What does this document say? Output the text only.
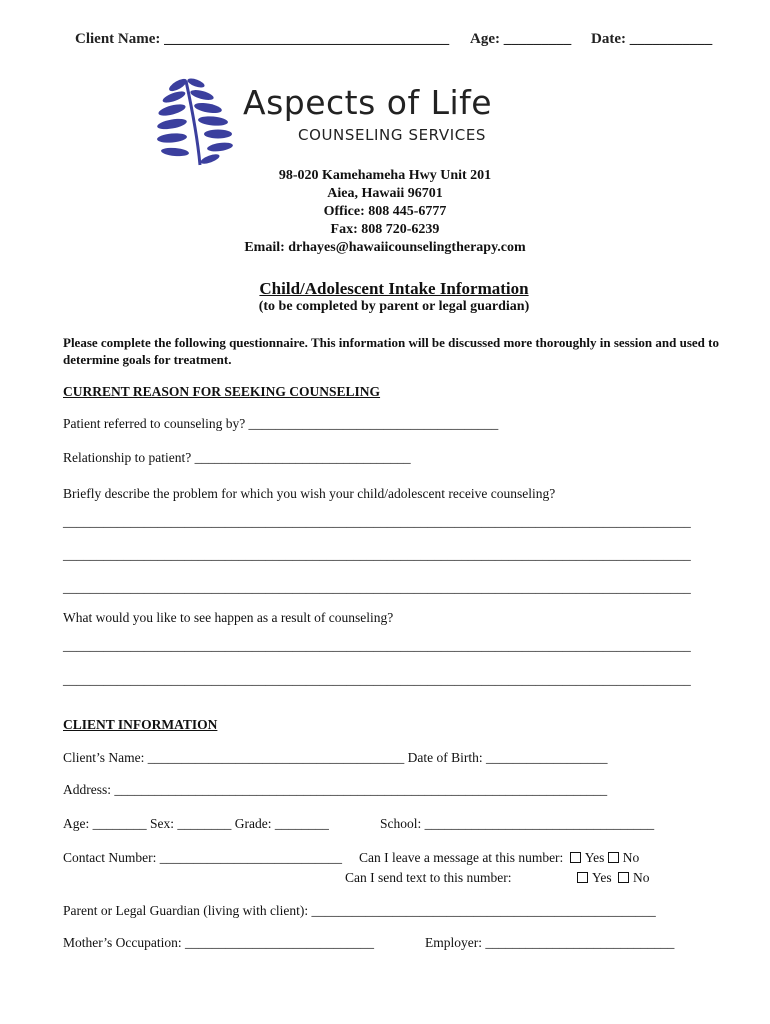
Client Name: ______________________________________ Age: _________ Date: ___________
Aspects of Life
COUNSELING SERVICES
98-020 Kamehameha Hwy Unit 201
Aiea, Hawaii 96701
Office: 808 445-6777
Fax: 808 720-6239
Email: drhayes@hawaiicounselingtherapy.com
Child/Adolescent Intake Information
(to be completed by parent or legal guardian)
Please complete the following questionnaire. This information will be discussed more thoroughly in session and used to determine goals for treatment.
CURRENT REASON FOR SEEKING COUNSELING
Patient referred to counseling by? _____________________________________
Relationship to patient? ________________________________
Briefly describe the problem for which you wish your child/adolescent receive counseling?
_____________________________________________________________________________________________
_____________________________________________________________________________________________
_____________________________________________________________________________________________
What would you like to see happen as a result of counseling?
_____________________________________________________________________________________________
_____________________________________________________________________________________________
CLIENT INFORMATION
Client’s Name: ______________________________________ Date of Birth: __________________
Address: _________________________________________________________________________
Age: ________ Sex: ________ Grade: ________	School: __________________________________
Contact Number: ___________________________ Can I leave a message at this number: Yes No
Can I send text to this number:	Yes No
Parent or Legal Guardian (living with client): ___________________________________________________
Mother’s Occupation: ____________________________	Employer: ____________________________
